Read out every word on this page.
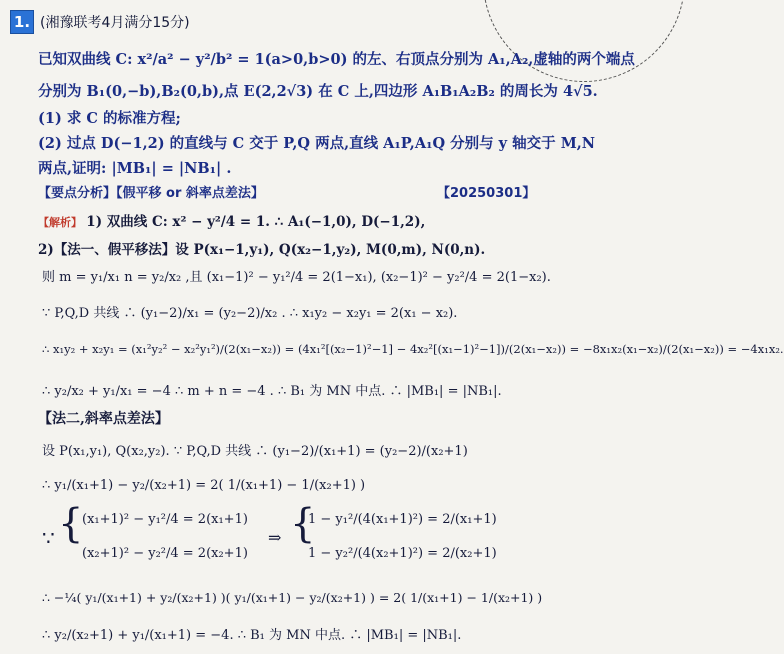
1. (湘豫联考4月满分15分)
已知双曲线 C: x²/a² − y²/b² = 1(a>0,b>0) 的左、右顶点分别为 A₁,A₂,虚轴的两个端点
分别为 B₁(0,−b),B₂(0,b),点 E(2,2√3) 在 C 上,四边形 A₁B₁A₂B₂ 的周长为 4√5.
(1) 求 C 的标准方程;
(2) 过点 D(−1,2) 的直线与 C 交于 P,Q 两点,直线 A₁P,A₁Q 分别与 y 轴交于 M,N
两点,证明: |MB₁| = |NB₁| .
【要点分析】【假平移 or 斜率点差法】	【20250301】
【解析】 1) 双曲线 C: x² − y²/4 = 1. ∴ A₁(−1,0), D(−1,2),
2)【法一、假平移法】设 P(x₁−1,y₁), Q(x₂−1,y₂), M(0,m), N(0,n).
则 m = y₁/x₁ n = y₂/x₂ ,且 (x₁−1)² − y₁²/4 = 2(1−x₁), (x₂−1)² − y₂²/4 = 2(1−x₂).
∵ P,Q,D 共线 ∴ (y₁−2)/x₁ = (y₂−2)/x₂ . ∴ x₁y₂ − x₂y₁ = 2(x₁ − x₂).
∴ x₁y₂ + x₂y₁ = (x₁²y₂² − x₂²y₁²)/(2(x₁−x₂)) = (4x₁²[(x₂−1)²−1] − 4x₂²[(x₁−1)²−1])/(2(x₁−x₂)) = −8x₁x₂(x₁−x₂)/(2(x₁−x₂)) = −4x₁x₂.
∴ y₂/x₂ + y₁/x₁ = −4 ∴ m + n = −4 . ∴ B₁ 为 MN 中点. ∴ |MB₁| = |NB₁|.
【法二,斜率点差法】
设 P(x₁,y₁), Q(x₂,y₂). ∵ P,Q,D 共线 ∴ (y₁−2)/(x₁+1) = (y₂−2)/(x₂+1)
∴ y₁/(x₁+1) − y₂/(x₂+1) = 2( 1/(x₁+1) − 1/(x₂+1) )
∵ {
(x₁+1)² − y₁²/4 = 2(x₁+1)
(x₂+1)² − y₂²/4 = 2(x₂+1)
⇒ {
1 − y₁²/(4(x₁+1)²) = 2/(x₁+1)
1 − y₂²/(4(x₂+1)²) = 2/(x₂+1)
∴ −¼( y₁/(x₁+1) + y₂/(x₂+1) )( y₁/(x₁+1) − y₂/(x₂+1) ) = 2( 1/(x₁+1) − 1/(x₂+1) )
∴ y₂/(x₂+1) + y₁/(x₁+1) = −4. ∴ B₁ 为 MN 中点. ∴ |MB₁| = |NB₁|.
